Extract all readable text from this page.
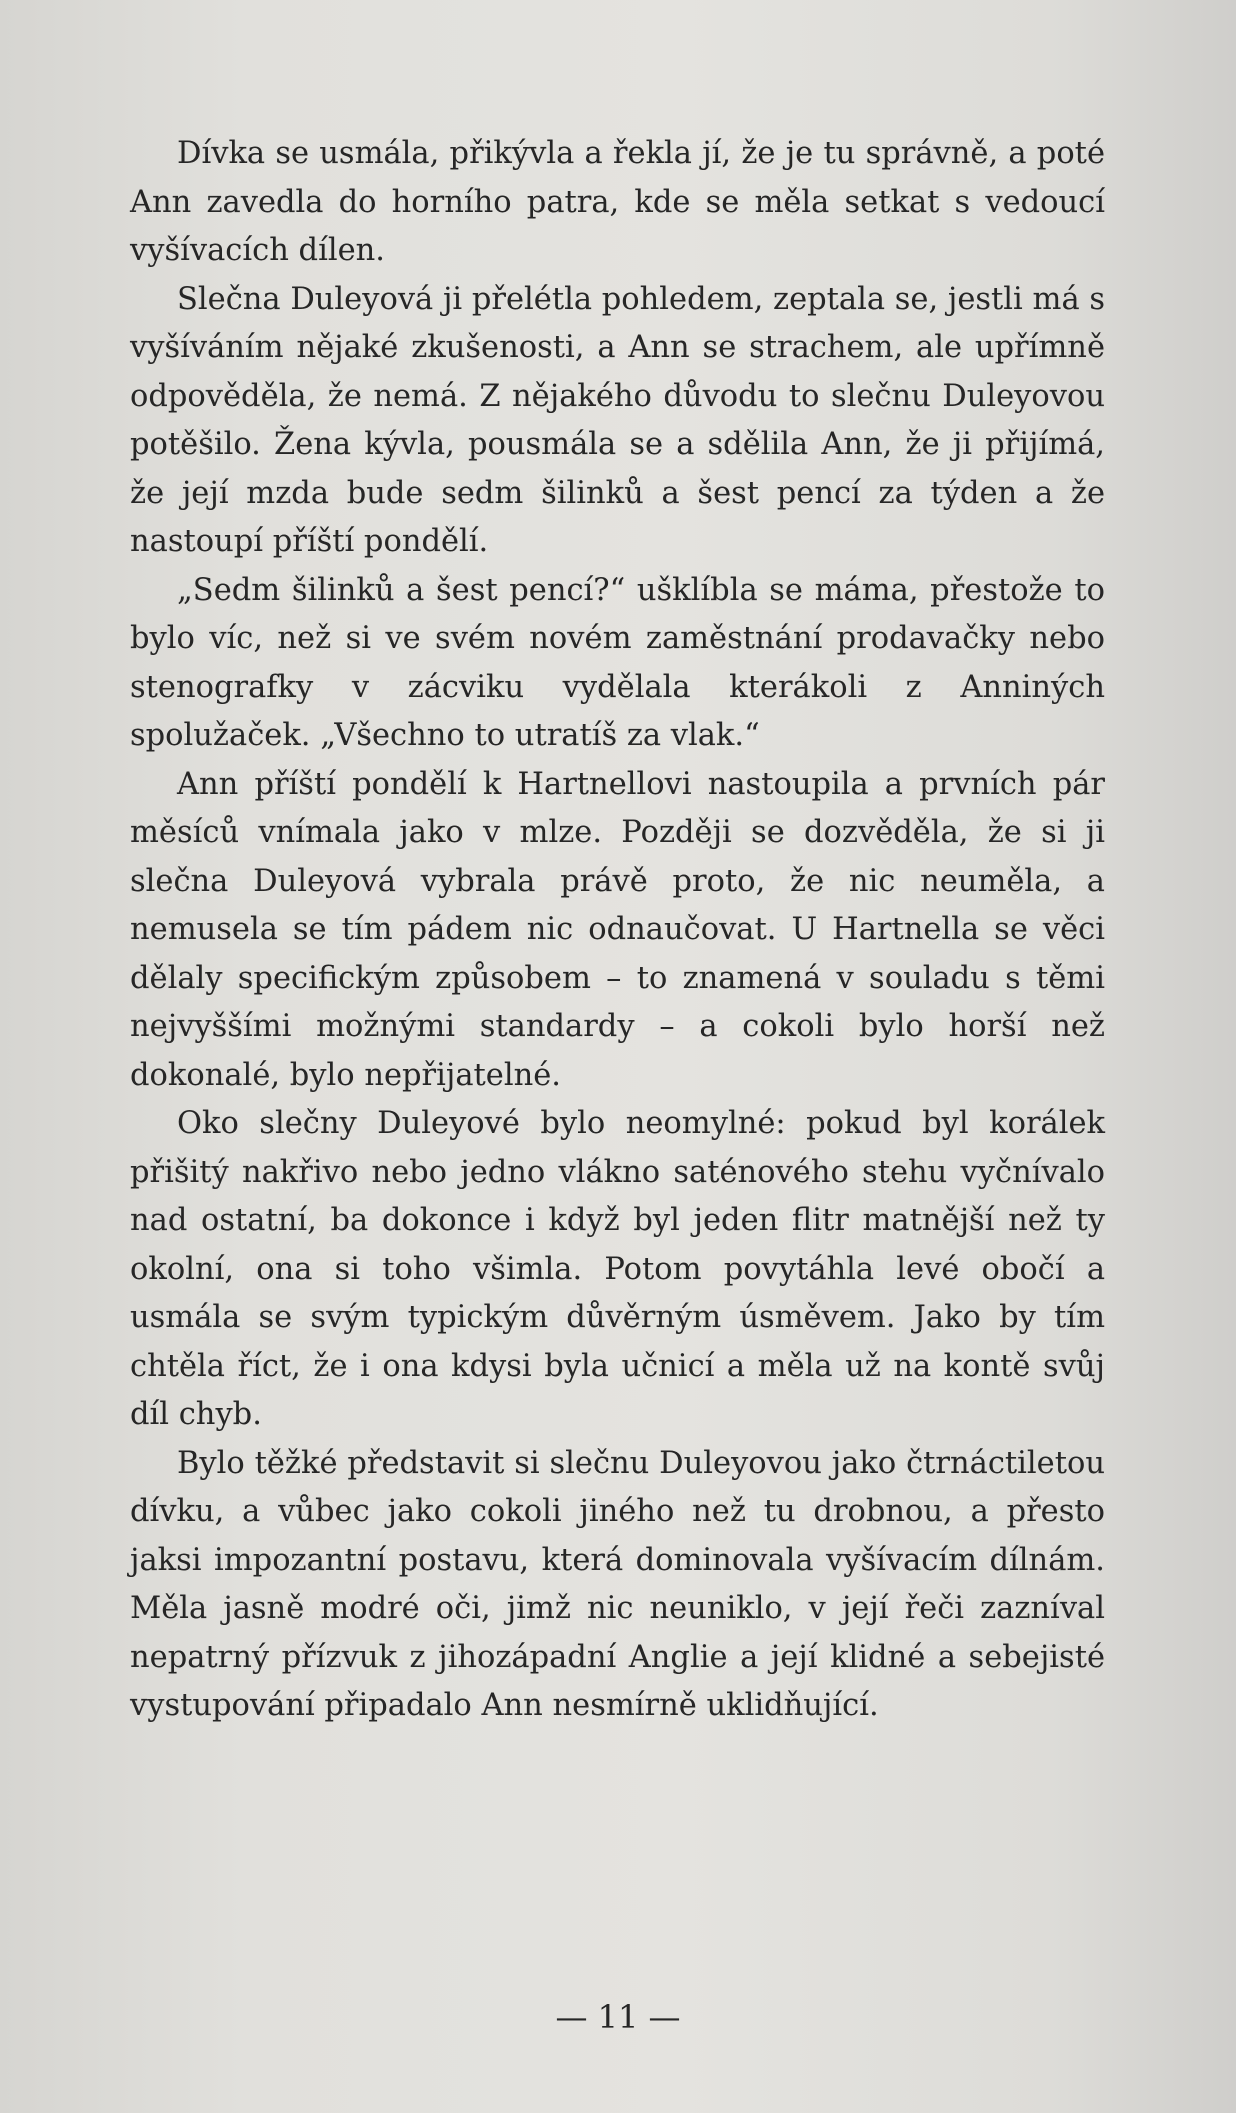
Dívka se usmála, přikývla a řekla jí, že je tu správně, a poté Ann zavedla do horního patra, kde se měla setkat s vedoucí vyšívacích dílen.

Slečna Duleyová ji přelétla pohledem, zeptala se, jestli má s vyšíváním nějaké zkušenosti, a Ann se strachem, ale upřímně odpověděla, že nemá. Z nějakého důvodu to slečnu Duleyovou potěšilo. Žena kývla, pousmála se a sdělila Ann, že ji přijímá, že její mzda bude sedm šilinků a šest pencí za týden a že nastoupí příští pondělí.

„Sedm šilinků a šest pencí?“ ušklíbla se máma, přestože to bylo víc, než si ve svém novém zaměstnání prodavačky nebo stenografky v zácviku vydělala kterákoli z Anniných spolužaček. „Všechno to utratíš za vlak.“

Ann příští pondělí k Hartnellovi nastoupila a prvních pár měsíců vnímala jako v mlze. Později se dozvěděla, že si ji slečna Duleyová vybrala právě proto, že nic neuměla, a nemusela se tím pádem nic odnaučovat. U Hartnella se věci dělaly specifickým způsobem – to znamená v souladu s těmi nejvyššími možnými standardy – a cokoli bylo horší než dokonalé, bylo nepřijatelné.

Oko slečny Duleyové bylo neomylné: pokud byl korálek přišitý nakřivo nebo jedno vlákno saténového stehu vyčnívalo nad ostatní, ba dokonce i když byl jeden flitr matnější než ty okolní, ona si toho všimla. Potom povytáhla levé obočí a usmála se svým typickým důvěrným úsměvem. Jako by tím chtěla říct, že i ona kdysi byla učnicí a měla už na kontě svůj díl chyb.

Bylo těžké představit si slečnu Duleyovou jako čtrnáctiletou dívku, a vůbec jako cokoli jiného než tu drobnou, a přesto jaksi impozantní postavu, která dominovala vyšívacím dílnám. Měla jasně modré oči, jimž nic neuniklo, v její řeči zazníval nepatrný přízvuk z jihozápadní Anglie a její klidné a sebejisté vystupování připadalo Ann nesmírně uklidňující.

— 11 —
